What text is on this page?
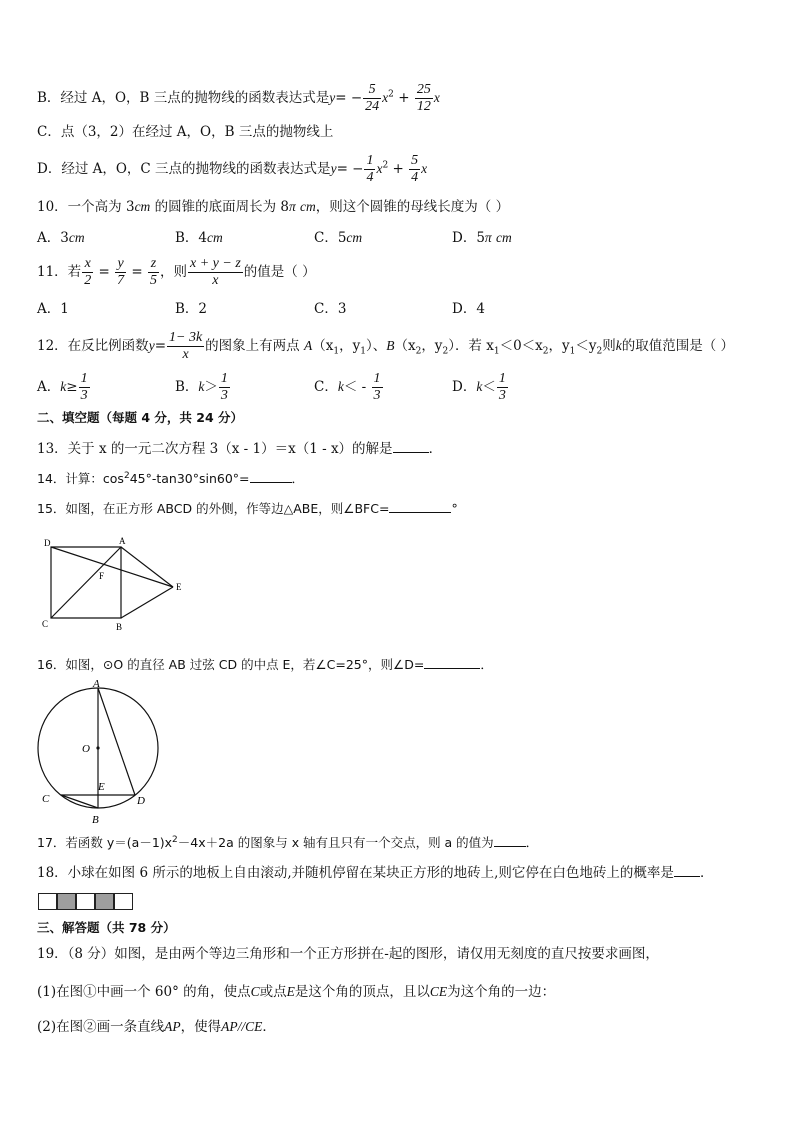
B．经过 A，O，B 三点的抛物线的函数表达式是$y= - \frac{5}{24} x^2 + \frac{25}{12}$ x
C．点（3，2）在经过 A，O，B 三点的抛物线上
D．经过 A，O，C 三点的抛物线的函数表达式是$y= - \frac{1}{4} x^2 + \frac{5}{4}$ x
10．一个高为 3cm 的圆锥的底面周长为 8π cm，则这个圆锥的母线长度为（ ）
A．3cm	B．4cm	C．5cm	D．5π cm
11．若 $\frac{x}{2} = \frac{y}{7} = \frac{z}{5}$ ，则 $\frac{x + y - z}{x}$ 的值是（ ）
A．1	B．2	C．3	D．4
12．在反比例函数$y= \frac{1- 3k}{x}$ 的图象上有两点 $A(x_1$，$y_1$）、$B(x_2$，$y_2$）．若 $x_1<0<x_2$，$y_1<y_2$则k的取值范围是（ ）
A．$k\ge \frac{1}{3}$	B．$k> \frac{1}{3}$	C．$k< - \frac{1}{3}$	D．$k< \frac{1}{3}$
二、填空题（每题 4 分，共 24 分）
13．关于 x 的一元二次方程 3（x - 1）＝x（1 - x）的解是	．
14．计算：$\cos^245^\circ-\tan 30^\circ\sin 60^\circ=$	．
15．如图，在正方形 ABCD 的外侧，作等边△ABE，则∠BFC=	°
D	A
F
E
C	B
16．如图，⊙O 的直径 AB 过弦 CD 的中点 E，若∠C=25°，则∠D=	．
A
O
E
C	D
B
17．若函数 $y=(a-1)x^2-4x+2a$ 的图象与 x 轴有且只有一个交点，则 a 的值为	．
18．小球在如图 6 所示的地板上自由滚动,并随机停留在某块正方形的地砖上,则它停在白色地砖上的概率是 ．
三、解答题（共 78 分）
19．（8 分）如图，是由两个等边三角形和一个正方形拼在-起的图形，请仅用无刻度的直尺按要求画图，
(1)在图①中画一个 60° 的角，使点C或点E是这个角的顶点，且以CE为这个角的一边：
(2)在图②画一条直线AP，使得AP//CE．
